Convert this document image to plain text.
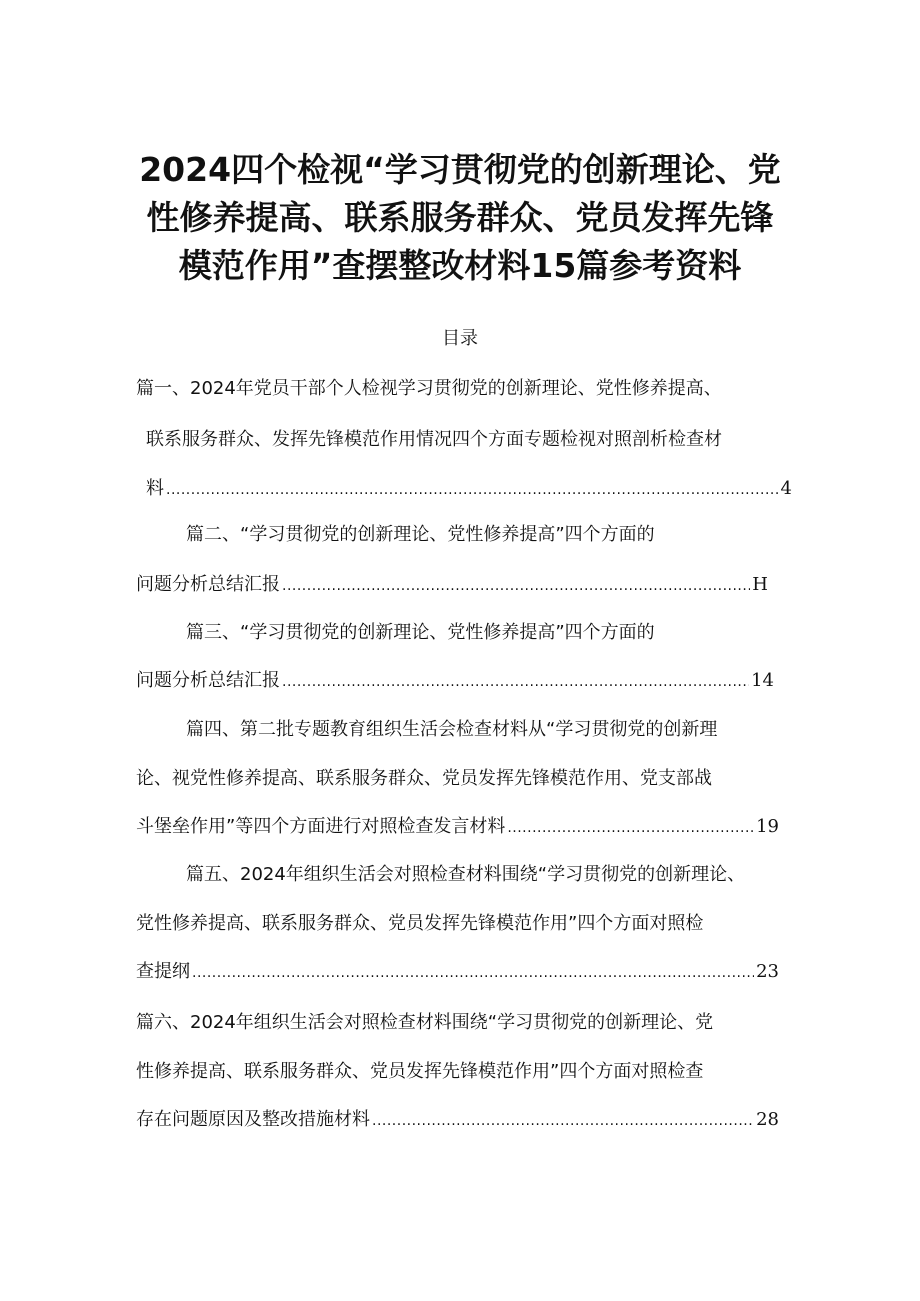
2024四个检视“学习贯彻党的创新理论、党
性修养提高、联系服务群众、党员发挥先锋
模范作用”查摆整改材料15篇参考资料
目录
篇一、2024年党员干部个人检视学习贯彻党的创新理论、党性修养提高、
联系服务群众、发挥先锋模范作用情况四个方面专题检视对照剖析检查材
料 .....	4
篇二、“学习贯彻党的创新理论、党性修养提高”四个方面的
问题分析总结汇报 .....	H
篇三、“学习贯彻党的创新理论、党性修养提高”四个方面的
问题分析总结汇报 .....	14
篇四、第二批专题教育组织生活会检查材料从“学习贯彻党的创新理
论、视党性修养提高、联系服务群众、党员发挥先锋模范作用、党支部战
斗堡垒作用”等四个方面进行对照检查发言材料 .....	19
篇五、2024年组织生活会对照检查材料围绕“学习贯彻党的创新理论、
党性修养提高、联系服务群众、党员发挥先锋模范作用”四个方面对照检
查提纲 .....	23
篇六、2024年组织生活会对照检查材料围绕“学习贯彻党的创新理论、党
性修养提高、联系服务群众、党员发挥先锋模范作用”四个方面对照检查
存在问题原因及整改措施材料 .....	28
